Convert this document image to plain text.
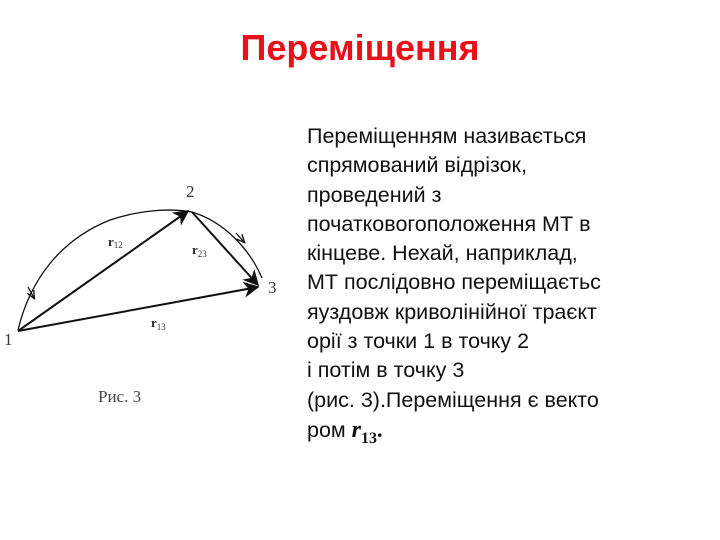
Переміщення
1
2
3
r12	$r_{23}$
$r_{13}$
Рис. 3
Переміщенням називається
спрямований відрізок,
проведений з
початковогоположення МТ в
кінцеве. Нехай, наприклад,
МТ послідовно переміщаєтьс
яуздовж криволінійної траєкт
орії з точки 1 в точку 2
і потім в точку 3
(рис. 3).Переміщення є векто
ром $r_{13}$.
